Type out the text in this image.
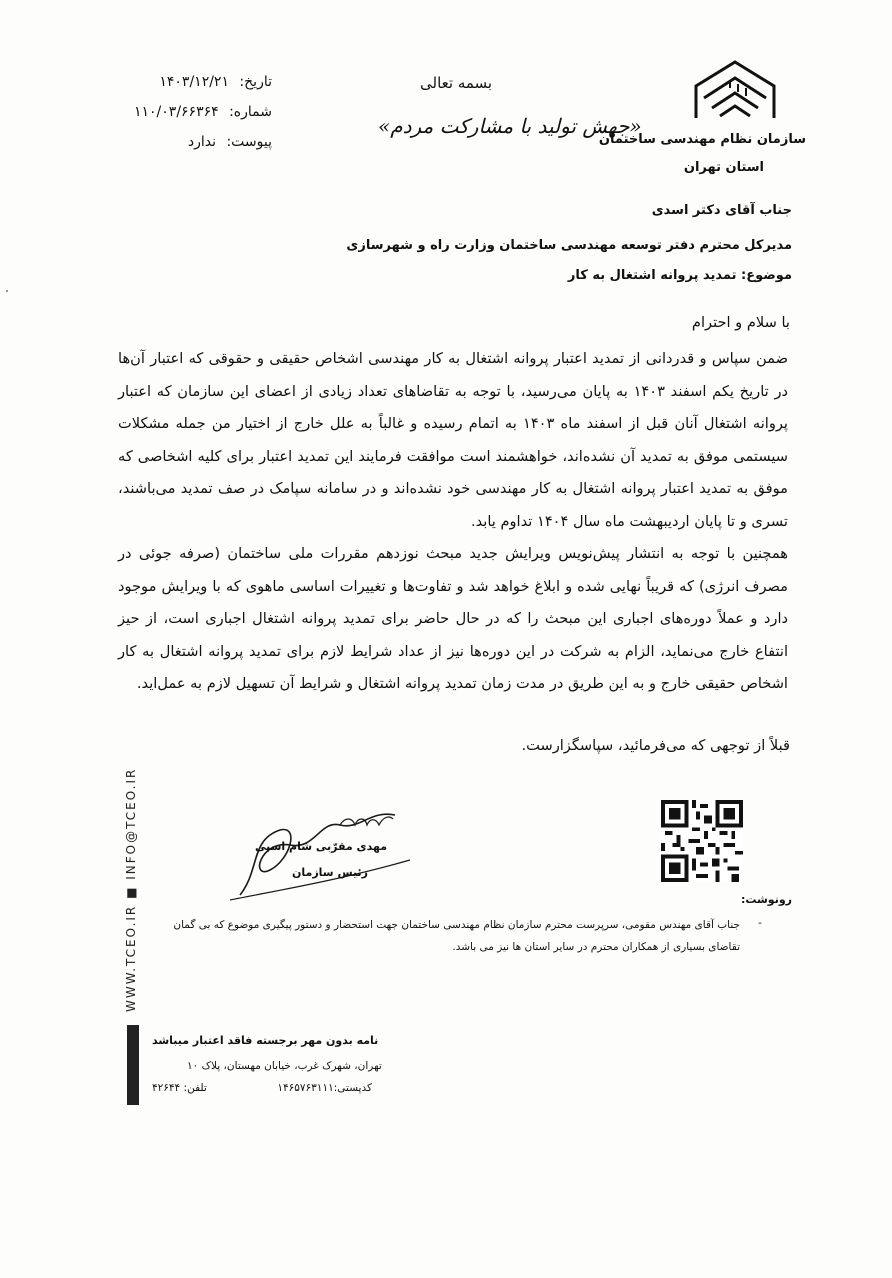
سازمان نظام مهندسی ساختمان
استان تهران
بسمه تعالی
«جهش تولید با مشارکت مردم»
تاریخ: ۱۴۰۳/۱۲/۲۱
شماره: ۱۱۰/۰۳/۶۶۳۶۴
پیوست: ندارد
جناب آقای دکتر اسدی
مدیرکل محترم دفتر توسعه مهندسی ساختمان وزارت راه و شهرسازی
موضوع: تمدید پروانه اشتغال به کار
با سلام و احترام

ضمن سپاس و قدردانی از تمدید اعتبار پروانه اشتغال به کار مهندسی اشخاص حقیقی و حقوقی که اعتبار آن‌ها در تاریخ یکم اسفند ۱۴۰۳ به پایان می‌رسید، با توجه به تقاضاهای تعداد زیادی از اعضای این سازمان که اعتبار پروانه اشتغال آنان قبل از اسفند ماه ۱۴۰۳ به اتمام رسیده و غالباً به علل خارج از اختیار من جمله مشکلات سیستمی موفق به تمدید آن نشده‌اند، خواهشمند است موافقت فرمایند این تمدید اعتبار برای کلیه اشخاصی که موفق به تمدید اعتبار پروانه اشتغال به کار مهندسی خود نشده‌اند و در سامانه سپامک در صف تمدید می‌باشند، تسری و تا پایان اردیبهشت ماه سال ۱۴۰۴ تداوم یابد.

همچنین با توجه به انتشار پیش‌نویس ویرایش جدید مبحث نوزدهم مقررات ملی ساختمان (صرفه جوئی در مصرف انرژی) که قریباً نهایی شده و ابلاغ خواهد شد و تفاوت‌ها و تغییرات اساسی ماهوی که با ویرایش موجود دارد و عملاً دوره‌های اجباری این مبحث را که در حال حاضر برای تمدید پروانه اشتغال اجباری است، از حیز انتفاع خارج می‌نماید، الزام به شرکت در این دوره‌ها نیز از عداد شرایط لازم برای تمدید پروانه اشتغال به کار اشخاص حقیقی خارج و به این طریق در مدت زمان تمدید پروانه اشتغال و شرایط آن تسهیل لازم به عمل‌اید.

قبلاً از توجهی که می‌فرمائید، سپاسگزارست.
مهدی مقرّبی شام اسبی
رئیس سازمان
رونوشت:
-
جناب آقای مهندس مقومی، سرپرست محترم سازمان نظام مهندسی ساختمان جهت استحضار و دستور پیگیری موضوع که بی گمان تقاضای بسیاری از همکاران محترم در سایر استان ها نیز می باشد.
WWW.TCEO.IR ■ INFO@TCEO.IR
نامه بدون مهر برجسته فاقد اعتبار میباشد
تهران، شهرک غرب، خیابان مهستان، پلاک ۱۰
کدپستی:۱۴۶۵۷۶۳۱۱۱
تلفن: ۴۲۶۴۴
